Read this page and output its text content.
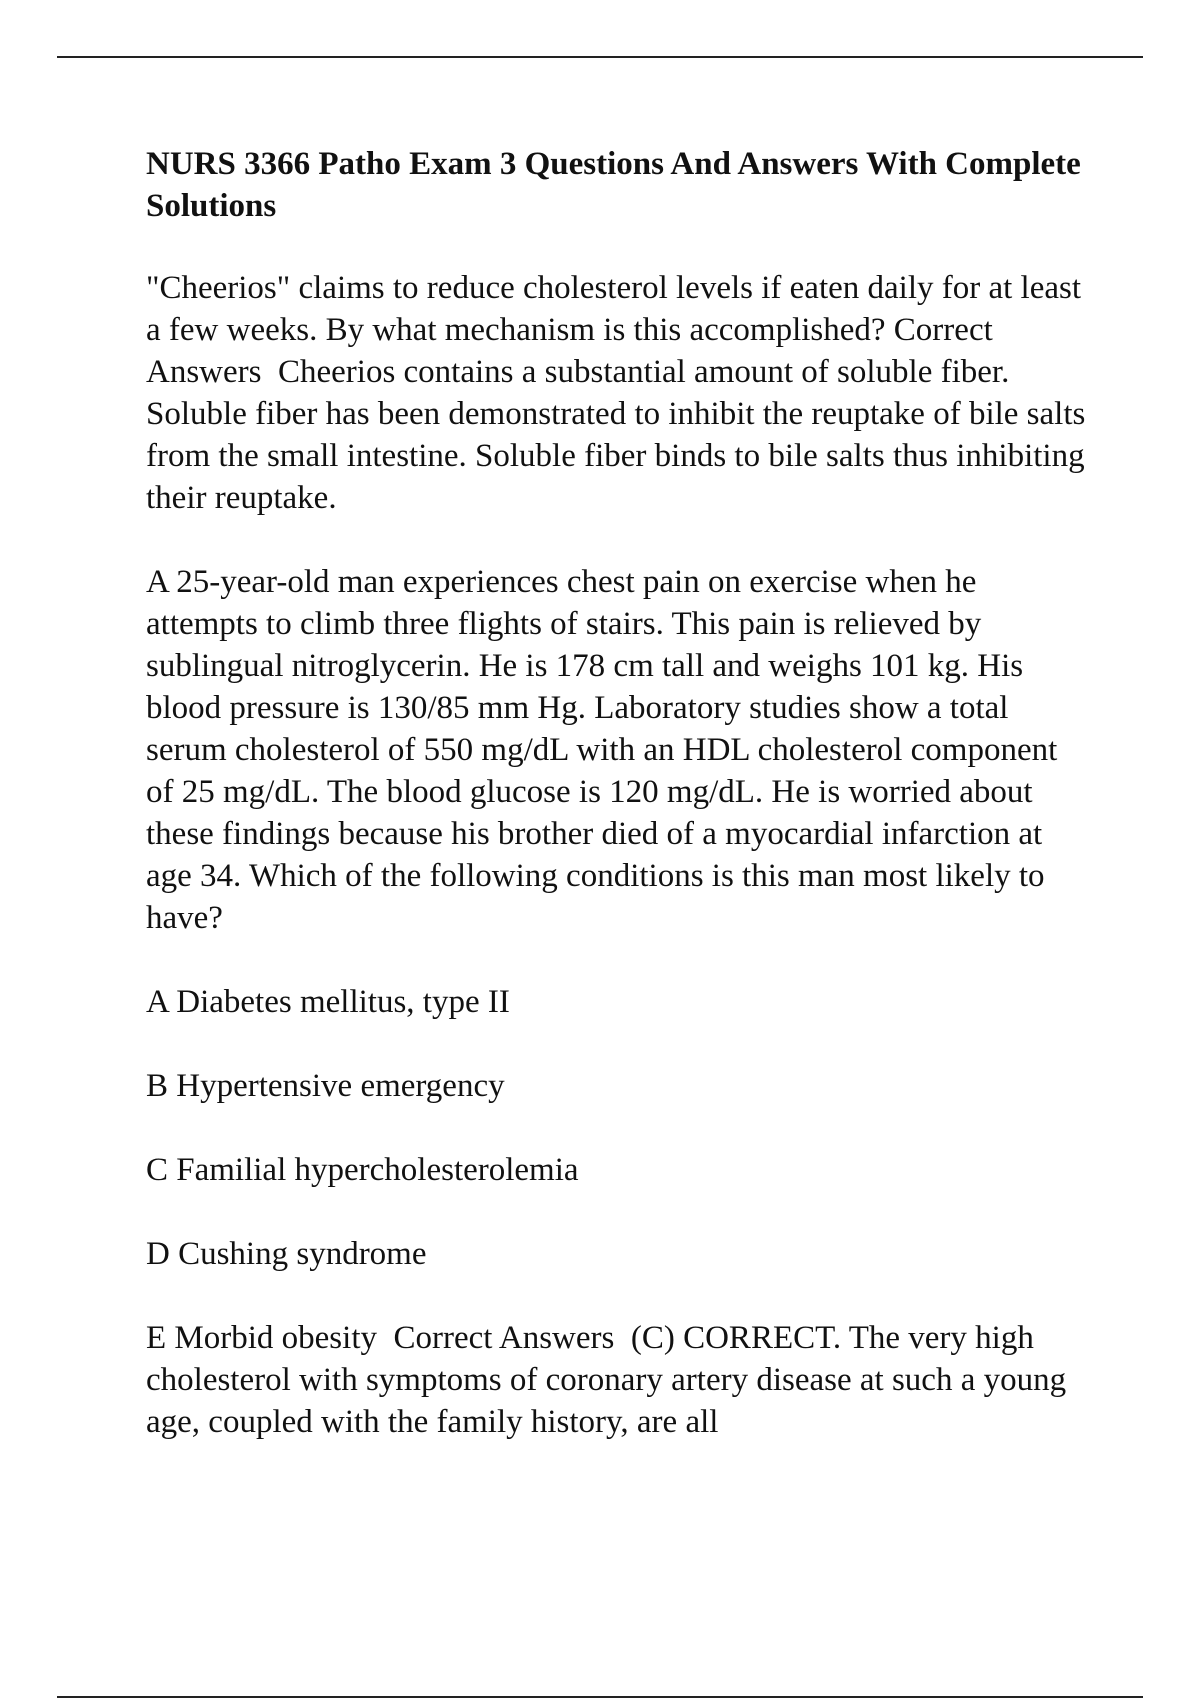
NURS 3366 Patho Exam 3 Questions And Answers With Complete Solutions

"Cheerios" claims to reduce cholesterol levels if eaten daily for at least a few weeks. By what mechanism is this accomplished? Correct Answers  Cheerios contains a substantial amount of soluble fiber. Soluble fiber has been demonstrated to inhibit the reuptake of bile salts from the small intestine. Soluble fiber binds to bile salts thus inhibiting their reuptake.

A 25-year-old man experiences chest pain on exercise when he attempts to climb three flights of stairs. This pain is relieved by sublingual nitroglycerin. He is 178 cm tall and weighs 101 kg. His blood pressure is 130/85 mm Hg. Laboratory studies show a total serum cholesterol of 550 mg/dL with an HDL cholesterol component of 25 mg/dL. The blood glucose is 120 mg/dL. He is worried about these findings because his brother died of a myocardial infarction at age 34. Which of the following conditions is this man most likely to have?

A Diabetes mellitus, type II

B Hypertensive emergency

C Familial hypercholesterolemia

D Cushing syndrome

E Morbid obesity  Correct Answers  (C) CORRECT. The very high cholesterol with symptoms of coronary artery disease at such a young age, coupled with the family history, are all
